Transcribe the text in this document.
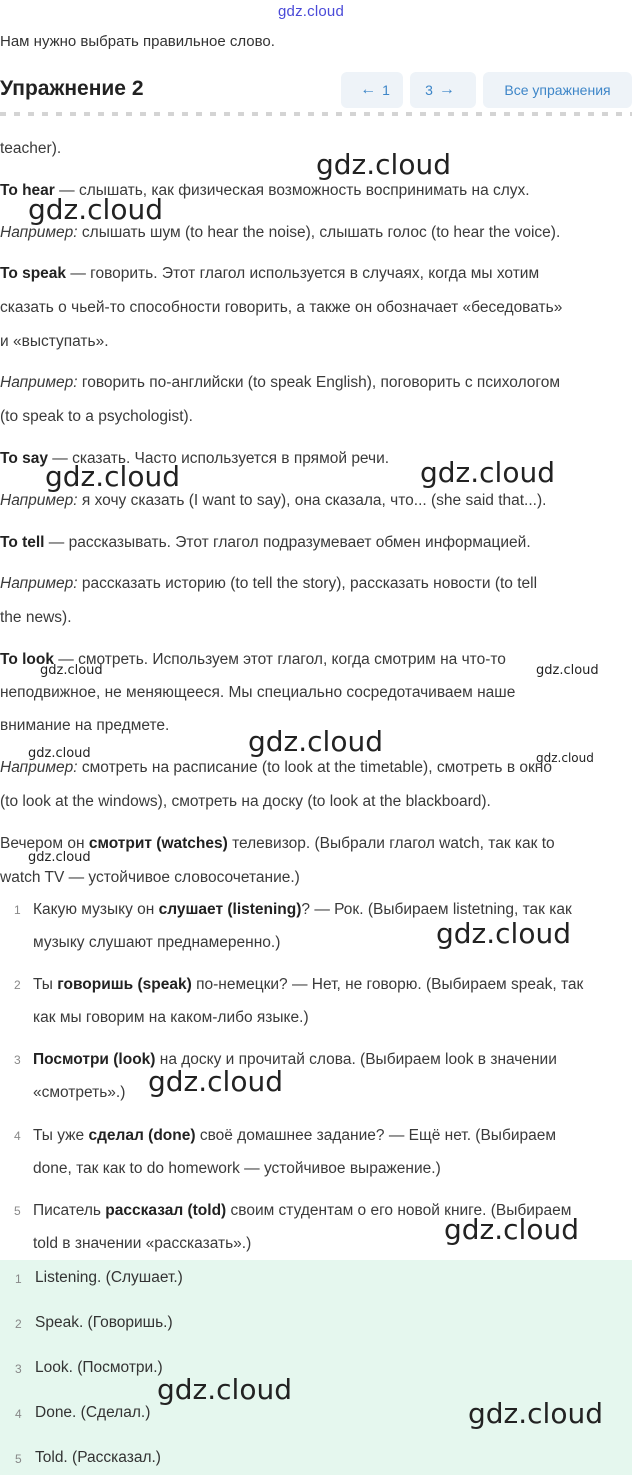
gdz.cloud
Нам нужно выбрать правильное слово.
Упражнение 2	← 1	3 →	Все упражнения
teacher).
To hear — слышать, как физическая возможность воспринимать на слух.
Например: слышать шум (to hear the noise), слышать голос (to hear the voice).
To speak — говорить. Этот глагол используется в случаях, когда мы хотим
сказать о чьей-то способности говорить, а также он обозначает «беседовать»
и «выступать».
Например: говорить по-английски (to speak English), поговорить с психологом
(to speak to a psychologist).
To say — сказать. Часто используется в прямой речи.
Например: я хочу сказать (I want to say), она сказала, что... (she said that...).
To tell — рассказывать. Этот глагол подразумевает обмен информацией.
Например: рассказать историю (to tell the story), рассказать новости (to tell
the news).
To look — смотреть. Используем этот глагол, когда смотрим на что-то
неподвижное, не меняющееся. Мы специально сосредотачиваем наше
внимание на предмете.
Например: смотреть на расписание (to look at the timetable), смотреть в окно
(to look at the windows), смотреть на доску (to look at the blackboard).
Вечером он смотрит (watches) телевизор. (Выбрали глагол watch, так как to
watch TV — устойчивое словосочетание.)
1 Какую музыку он слушает (listening)? — Рок. (Выбираем listetning, так как
музыку слушают преднамеренно.)
2 Ты говоришь (speak) по-немецки? — Нет, не говорю. (Выбираем speak, так
как мы говорим на каком-либо языке.)
3 Посмотри (look) на доску и прочитай слова. (Выбираем look в значении
«смотреть».)
4 Ты уже сделал (done) своё домашнее задание? — Ещё нет. (Выбираем
done, так как to do homework — устойчивое выражение.)
5 Писатель рассказал (told) своим студентам о его новой книге. (Выбираем
told в значении «рассказать».)
1 Listening. (Слушает.)
2 Speak. (Говоришь.)
3 Look. (Посмотри.)
4 Done. (Сделал.)
5 Told. (Рассказал.)
gdz.cloud
gdz.cloud
gdz.cloud	gdz.cloud
gdz.cloud	gdz.cloud
gdz.cloud
gdz.cloud	gdz.cloud
gdz.cloud
gdz.cloud
gdz.cloud
gdz.cloud
gdz.cloud
gdz.cloud
